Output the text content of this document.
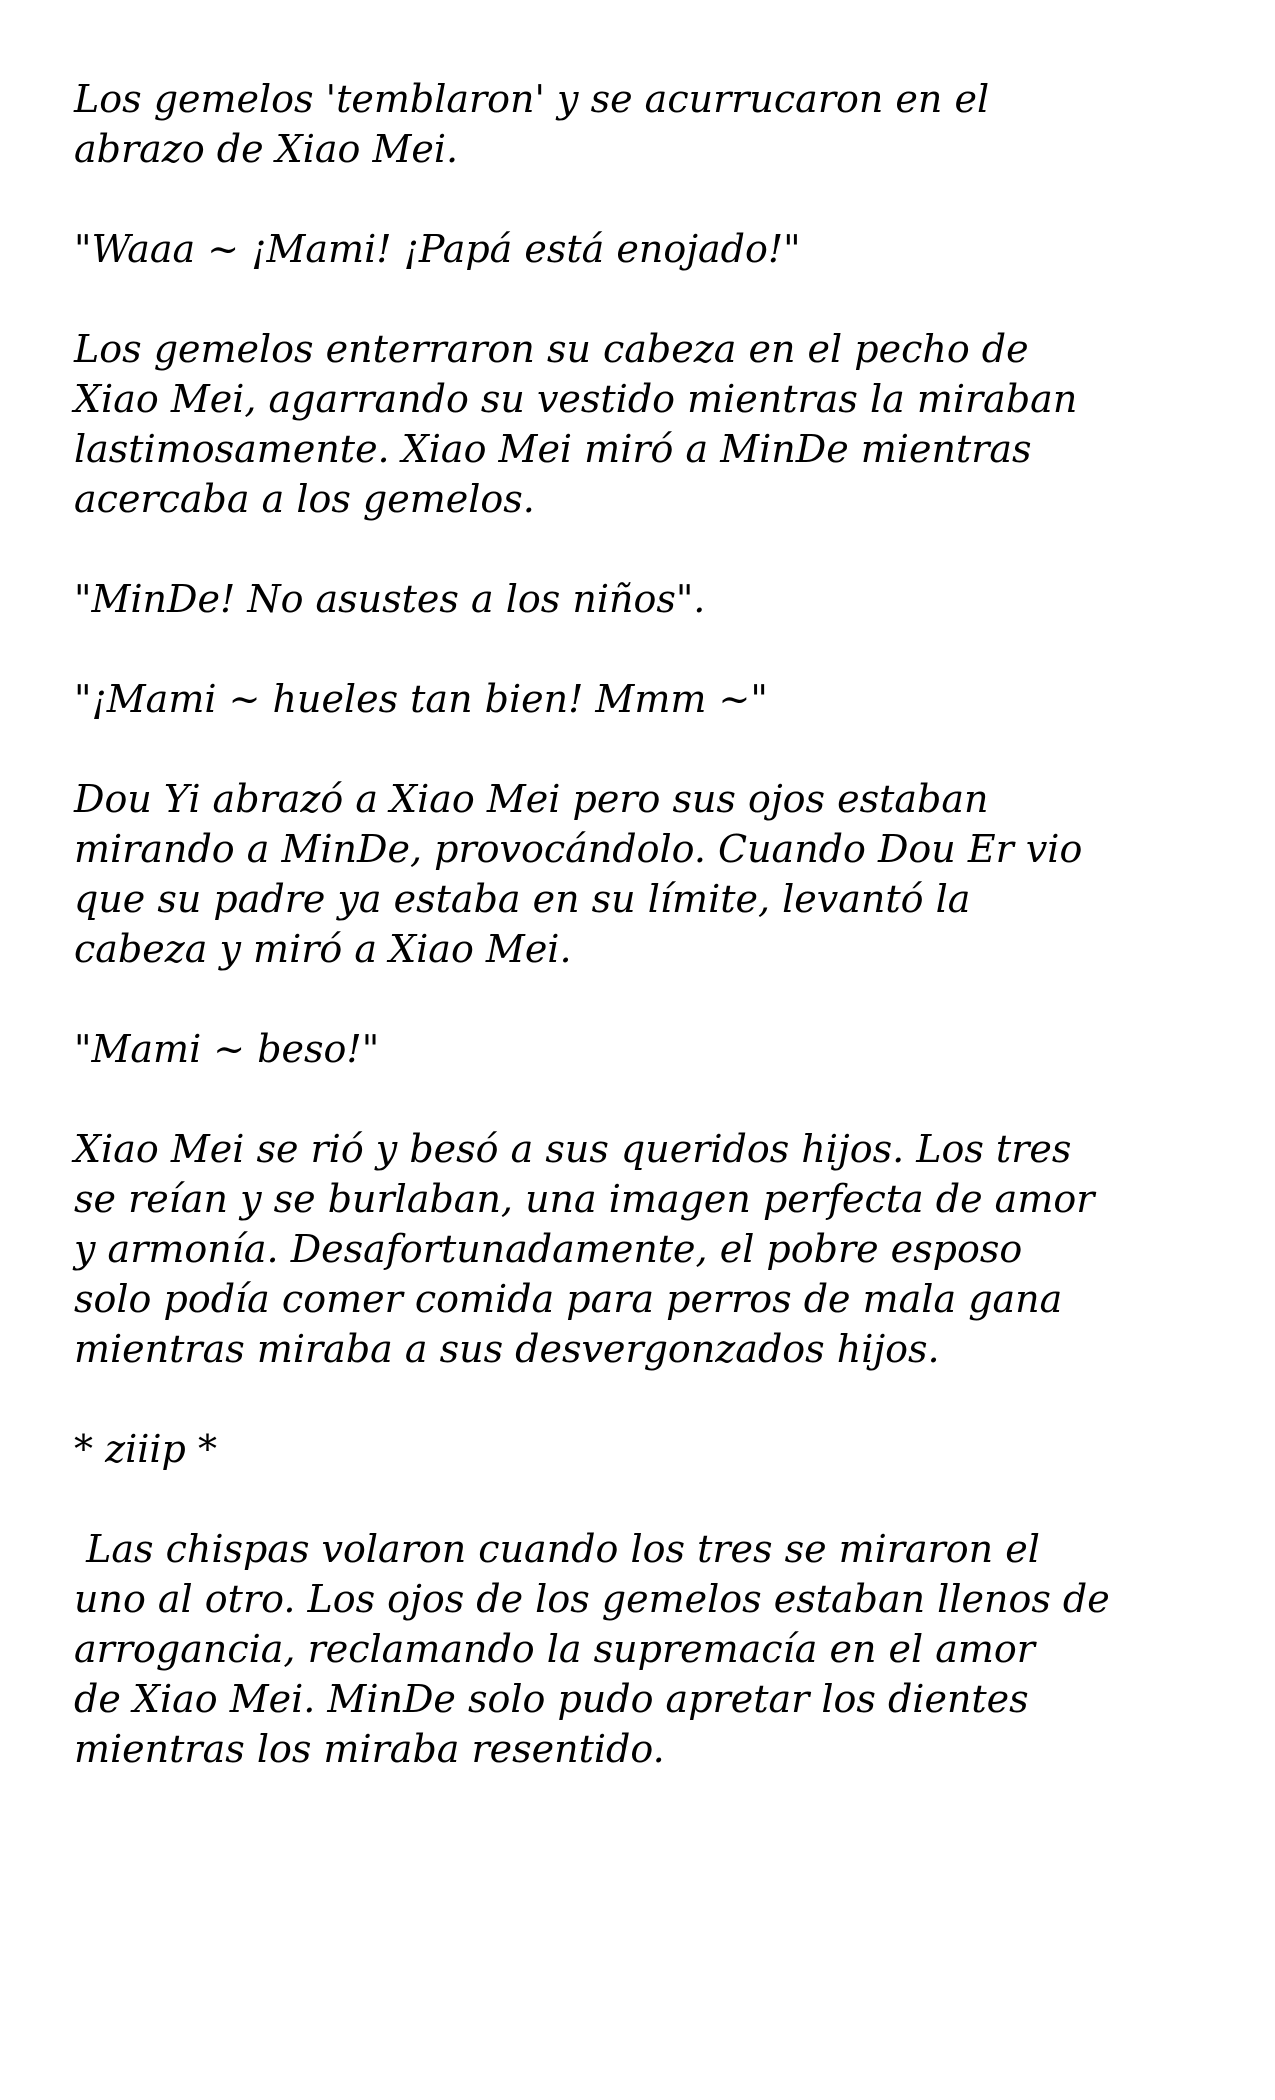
Los gemelos 'temblaron' y se acurrucaron en el
abrazo de Xiao Mei.

"Waaa ~ ¡Mami! ¡Papá está enojado!"

Los gemelos enterraron su cabeza en el pecho de
Xiao Mei, agarrando su vestido mientras la miraban
lastimosamente. Xiao Mei miró a MinDe mientras
acercaba a los gemelos.

"MinDe! No asustes a los niños".

"¡Mami ~ hueles tan bien! Mmm ~"

Dou Yi abrazó a Xiao Mei pero sus ojos estaban
mirando a MinDe, provocándolo. Cuando Dou Er vio
que su padre ya estaba en su límite, levantó la
cabeza y miró a Xiao Mei.

"Mami ~ beso!"

Xiao Mei se rió y besó a sus queridos hijos. Los tres
se reían y se burlaban, una imagen perfecta de amor
y armonía. Desafortunadamente, el pobre esposo
solo podía comer comida para perros de mala gana
mientras miraba a sus desvergonzados hijos.

* ziiip *

Las chispas volaron cuando los tres se miraron el
uno al otro. Los ojos de los gemelos estaban llenos de
arrogancia, reclamando la supremacía en el amor
de Xiao Mei. MinDe solo pudo apretar los dientes
mientras los miraba resentido.
